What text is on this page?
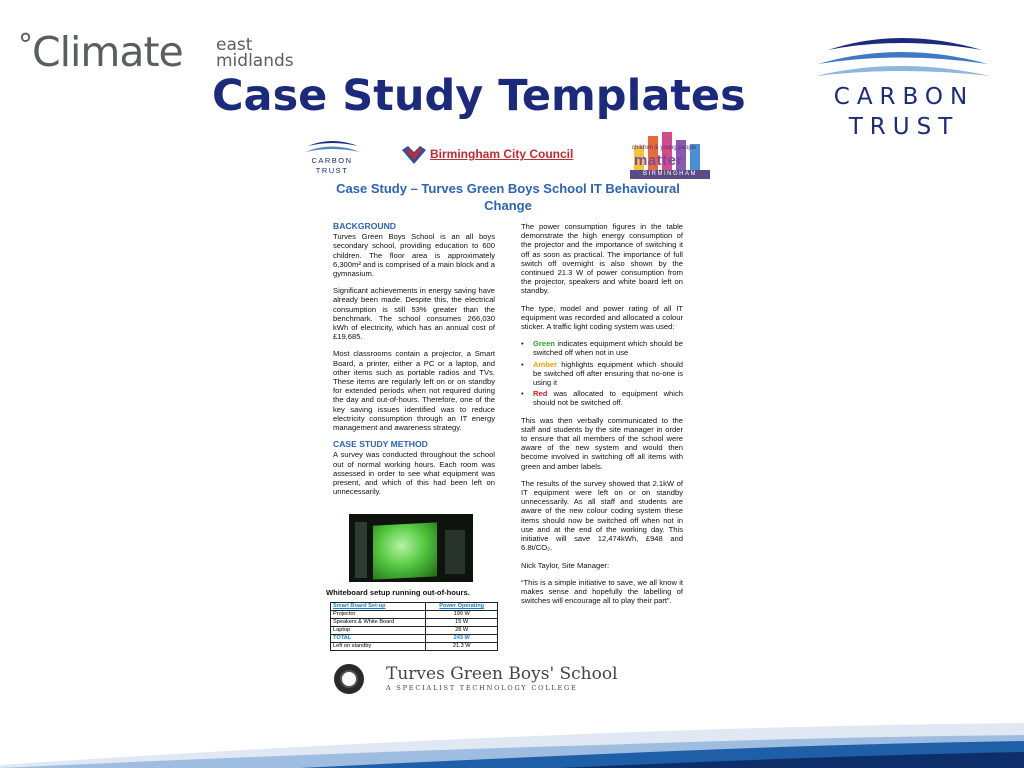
°Climate east
midlands
Case Study Templates	CARBON
TRUST
CARBON
TRUST
Birmingham City Council	children & young people
matter
BIRMINGHAM
Case Study – Turves Green Boys School IT Behavioural Change
BACKGROUND

Turves Green Boys School is an all boys secondary school, providing education to 600 children. The floor area is approximately 6,300m² and is comprised of a main block and a gymnasium.

Significant achievements in energy saving have already been made. Despite this, the electrical consumption is still 53% greater than the benchmark. The school consumes 266,030 kWh of electricity, which has an annual cost of £19,685.

Most classrooms contain a projector, a Smart Board, a printer, either a PC or a laptop, and other items such as portable radios and TVs. These items are regularly left on or on standby for extended periods when not required during the day and out-of-hours. Therefore, one of the key saving issues identified was to reduce electricity consumption through an IT energy management and awareness strategy.

CASE STUDY METHOD

A survey was conducted throughout the school out of normal working hours. Each room was assessed in order to see what equipment was present, and which of this had been left on unnecessarily.

Whiteboard setup running out-of-hours.
Smart Board Set-up	Power Operating
Projector	199 W
Speakers & White Board	15 W
Laptop	28 W
TOTAL	243 W
Left on standby	21.3 W

The power consumption figures in the table demonstrate the high energy consumption of the projector and the importance of switching it off as soon as practical. The importance of full switch off overnight is also shown by the continued 21.3 W of power consumption from the projector, speakers and white board left on standby.

The type, model and power rating of all IT equipment was recorded and allocated a colour sticker. A traffic light coding system was used:

• Green indicates equipment which should be switched off when not in use
• Amber highlights equipment which should be switched off after ensuring that no-one is using it
• Red was allocated to equipment which should not be switched off.

This was then verbally communicated to the staff and students by the site manager in order to ensure that all members of the school were aware of the new system and would then become involved in switching off all items with green and amber labels.

The results of the survey showed that 2.1kW of IT equipment were left on or on standby unnecessarily. As all staff and students are aware of the new colour coding system these items should now be switched off when not in use and at the end of the working day. This initiative will save 12,474kWh, £948 and 6.8t/CO₂.

Nick Taylor, Site Manager:

“This is a simple initiative to save, we all know it makes sense and hopefully the labelling of switches will encourage all to play their part”.

Turves Green Boys' School
A SPECIALIST TECHNOLOGY COLLEGE
